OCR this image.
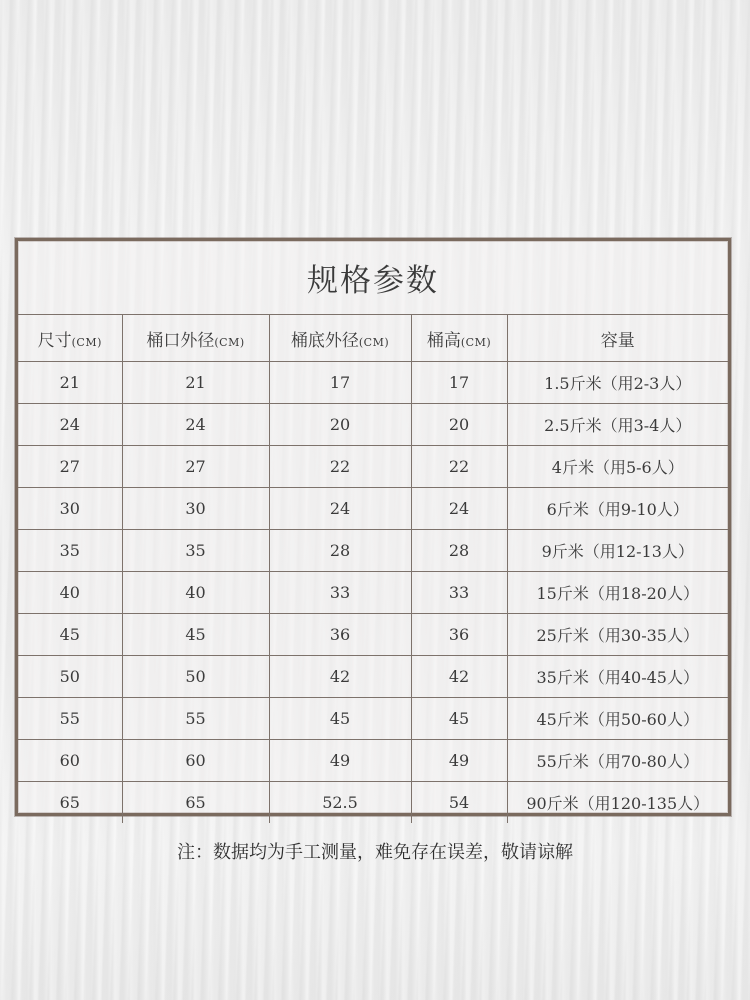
规格参数
尺寸(CM)	桶口外径(CM)	桶底外径(CM)	桶高(CM)	容量
21	21	17	17	1.5斤米（用2-3人）
24	24	20	20	2.5斤米（用3-4人）
27	27	22	22	4斤米（用5-6人）
30	30	24	24	6斤米（用9-10人）
35	35	28	28	9斤米（用12-13人）
40	40	33	33	15斤米（用18-20人）
45	45	36	36	25斤米（用30-35人）
50	50	42	42	35斤米（用40-45人）
55	55	45	45	45斤米（用50-60人）
60	60	49	49	55斤米（用70-80人）
65	65	52.5	54	90斤米（用120-135人）
注：数据均为手工测量，难免存在误差，敬请谅解
